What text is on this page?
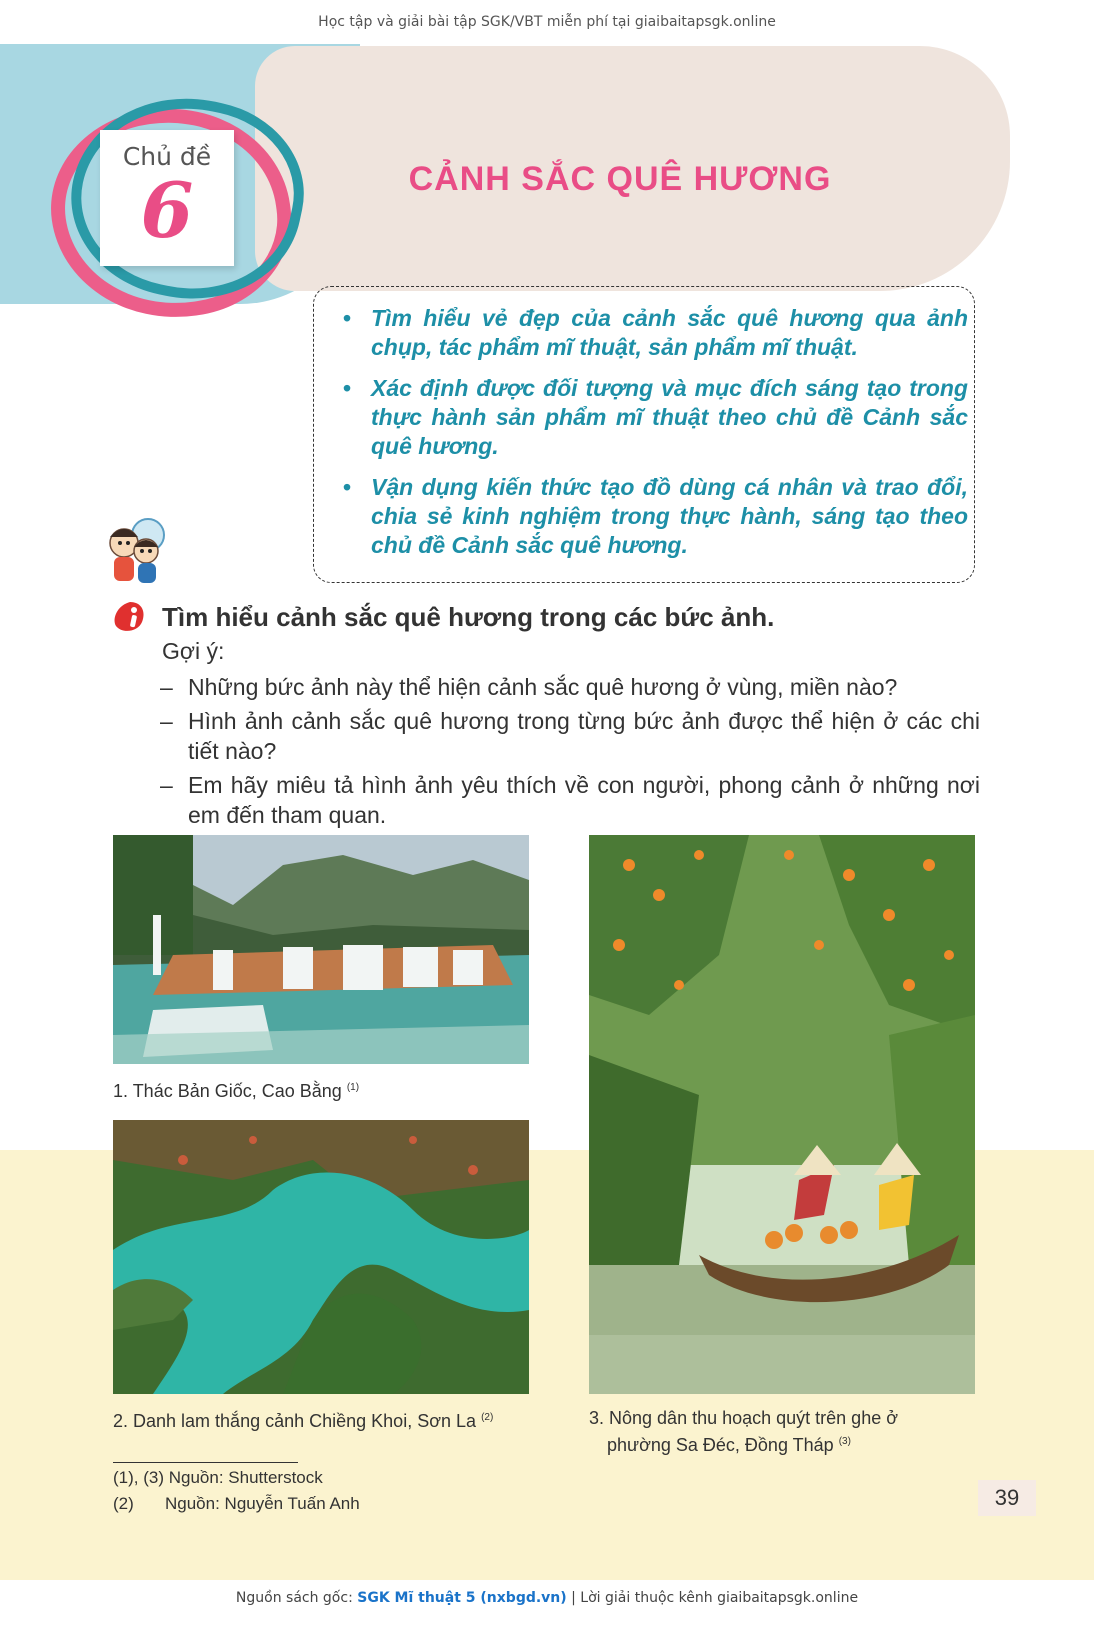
Học tập và giải bài tập SGK/VBT miễn phí tại giaibaitapsgk.online
Chủ đề
6	CẢNH SẮC QUÊ HƯƠNG
• Tìm hiểu vẻ đẹp của cảnh sắc quê hương qua ảnh chụp, tác phẩm mĩ thuật, sản phẩm mĩ thuật.
• Xác định được đối tượng và mục đích sáng tạo trong thực hành sản phẩm mĩ thuật theo chủ đề Cảnh sắc quê hương.
• Vận dụng kiến thức tạo đồ dùng cá nhân và trao đổi, chia sẻ kinh nghiệm trong thực hành, sáng tạo theo chủ đề Cảnh sắc quê hương.
Tìm hiểu cảnh sắc quê hương trong các bức ảnh.
Gợi ý:
– Những bức ảnh này thể hiện cảnh sắc quê hương ở vùng, miền nào?
– Hình ảnh cảnh sắc quê hương trong từng bức ảnh được thể hiện ở các chi tiết nào?
– Em hãy miêu tả hình ảnh yêu thích về con người, phong cảnh ở những nơi em đến tham quan.
1. Thác Bản Giốc, Cao Bằng $^{(1)}$
2. Danh lam thắng cảnh Chiềng Khoi, Sơn La $^{(2)}$	3. Nông dân thu hoạch quýt trên ghe ở
phường Sa Đéc, Đồng Tháp $^{(3)}$
(1), (3) Nguồn: Shutterstock
(2) Nguồn: Nguyễn Tuấn Anh	39
Nguồn sách gốc: SGK Mĩ thuật 5 (nxbgd.vn) | Lời giải thuộc kênh giaibaitapsgk.online
